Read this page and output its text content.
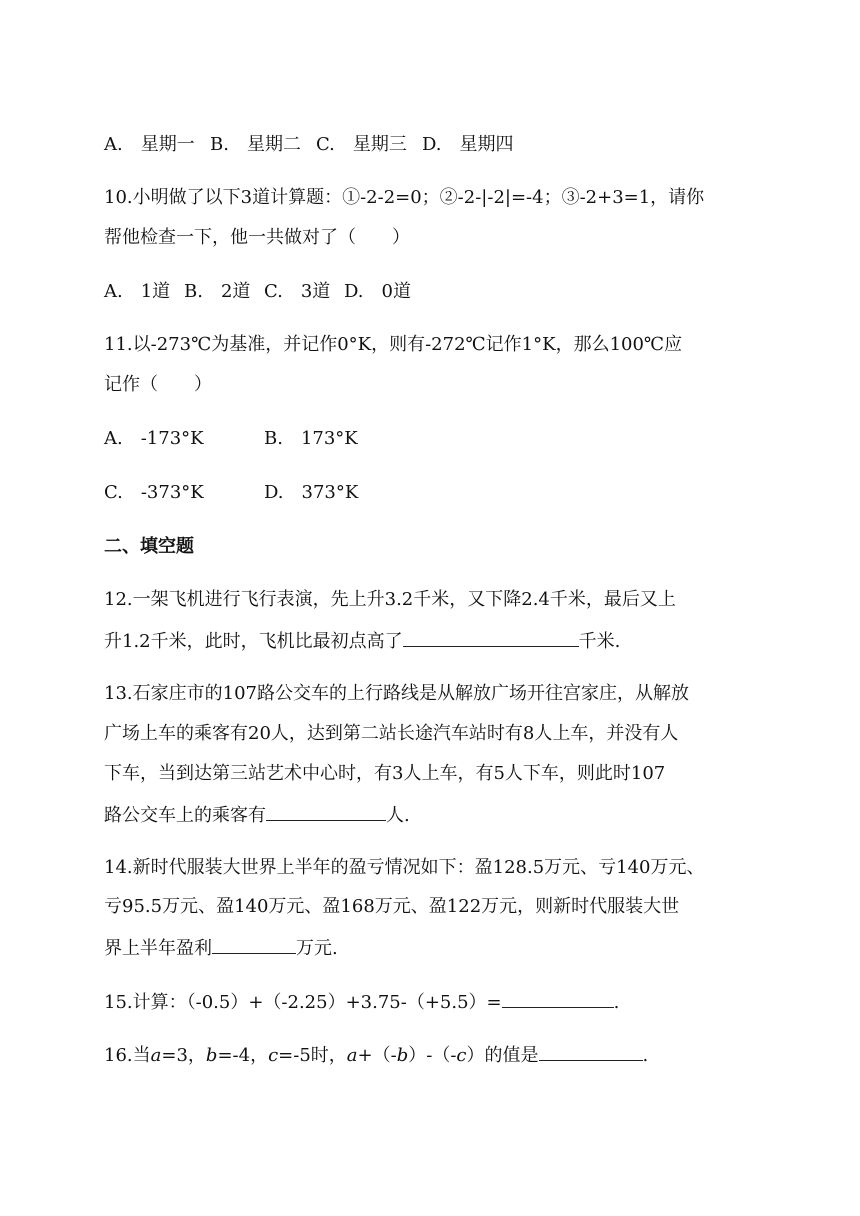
A.　星期一 B.　星期二 C.　星期三 D.　星期四
10.小明做了以下3道计算题：①-2-2=0；②-2-|-2|=-4；③-2+3=1，请你
帮他检查一下，他一共做对了（　　）
A.　1道 B.　2道 C.　3道 D.　0道
11.以-273℃为基准，并记作0°K，则有-272℃记作1°K，那么100℃应
记作（　　）
A.　-173°K	B.　173°K
C.　-373°K	D.　373°K
二、填空题
12.一架飞机进行飞行表演，先上升3.2千米，又下降2.4千米，最后又上
升1.2千米，此时，飞机比最初点高了	千米.
13.石家庄市的107路公交车的上行路线是从解放广场开往宫家庄，从解放
广场上车的乘客有20人，达到第二站长途汽车站时有8人上车，并没有人
下车，当到达第三站艺术中心时，有3人上车，有5人下车，则此时107
路公交车上的乘客有	人.
14.新时代服装大世界上半年的盈亏情况如下：盈128.5万元、亏140万元、
亏95.5万元、盈140万元、盈168万元、盈122万元，则新时代服装大世
界上半年盈利	万元.
15.计算：（-0.5）+（-2.25）+3.75-（+5.5）=	.
16.当a=3，b=-4，c=-5时，a+（-b）-（-c）的值是	.
